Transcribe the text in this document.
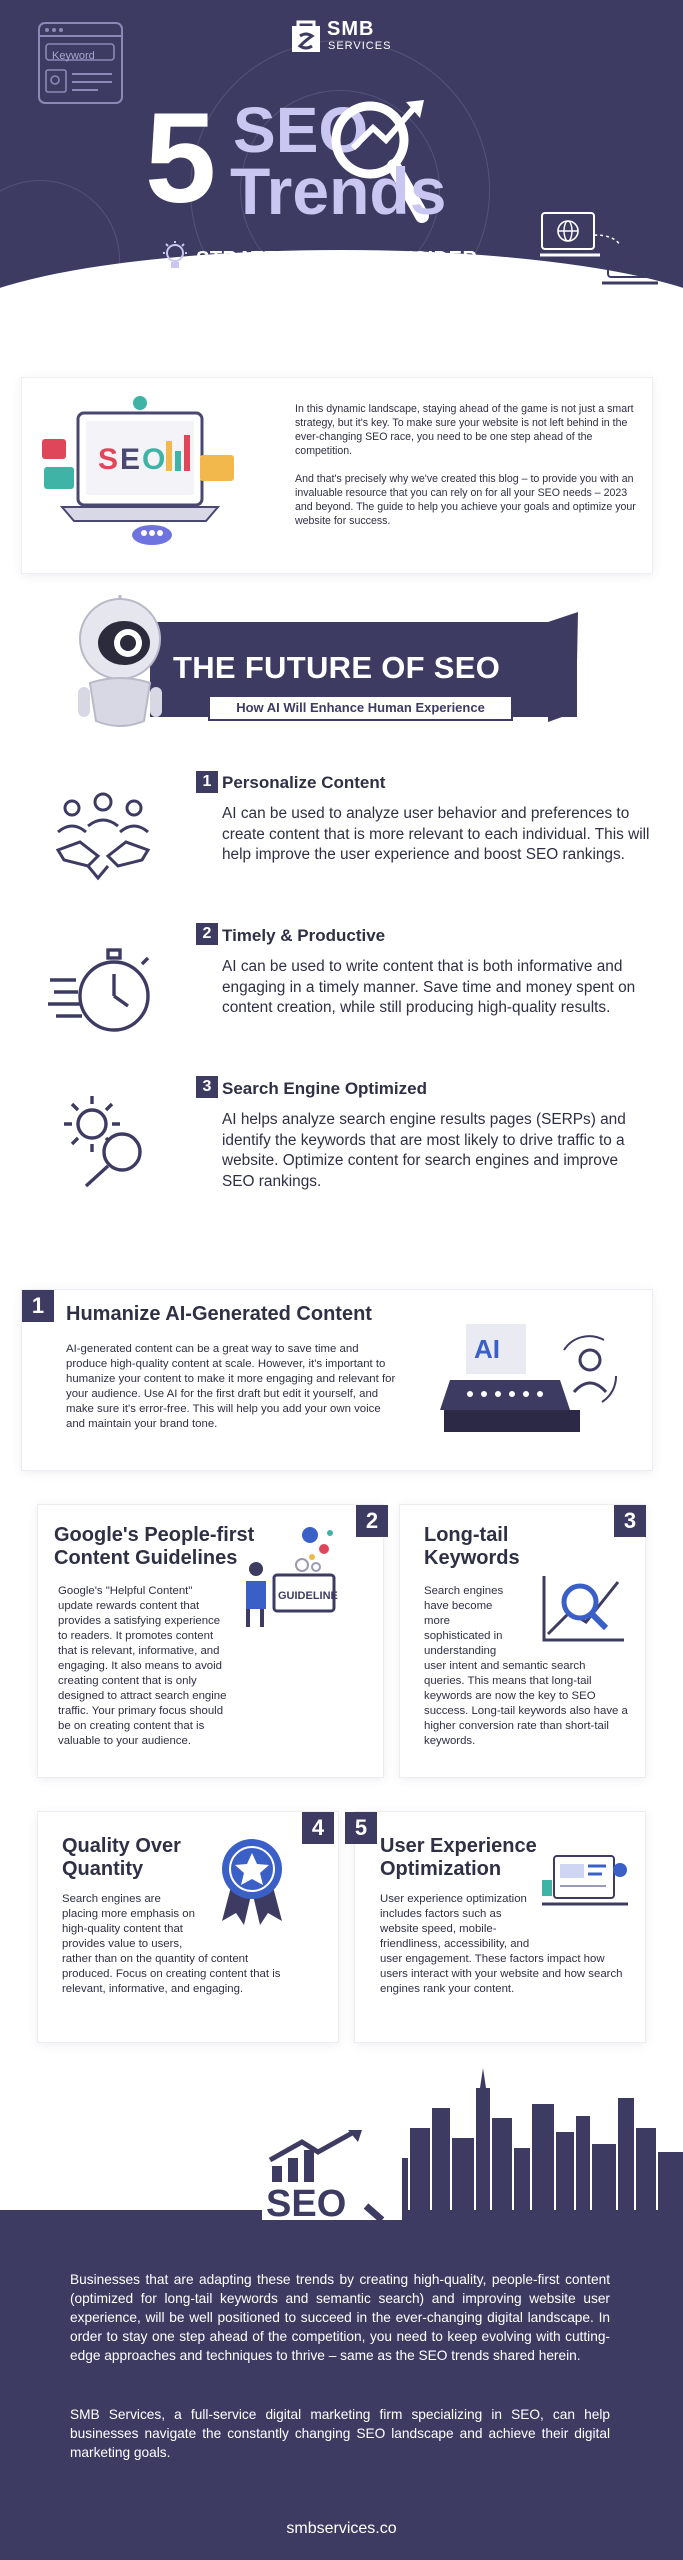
Keyword
SMB
SERVICES
5 SEO
Trends
STRATEGIES TO CONSIDER
S E O

In this dynamic landscape, staying ahead of the game is not just a smart strategy, but it's key. To make sure your website is not left behind in the ever-changing SEO race, you need to be one step ahead of the competition.

And that's precisely why we've created this blog – to provide you with an invaluable resource that you can rely on for all your SEO needs – 2023 and beyond. The guide to help you achieve your goals and optimize your website for success.

THE FUTURE OF SEO
How AI Will Enhance Human Experience
1 Personalize Content
AI can be used to analyze user behavior and preferences to create content that is more relevant to each individual. This will help improve the user experience and boost SEO rankings.
2 Timely & Productive
AI can be used to write content that is both informative and engaging in a timely manner. Save time and money spent on content creation, while still producing high-quality results.
3 Search Engine Optimized
AI helps analyze search engine results pages (SERPs) and identify the keywords that are most likely to drive traffic to a website. Optimize content for search engines and improve SEO rankings.
1	Humanize AI-Generated Content
AI-generated content can be a great way to save time and produce high-quality content at scale. However, it's important to humanize your content to make it more engaging and relevant for your audience. Use AI for the first draft but edit it yourself, and make sure it's error-free. This will help you add your own voice and maintain your brand tone.
AI
2
Google's People-first
Content Guidelines
Google's "Helpful Content" update rewards content that provides a satisfying experience to readers. It promotes content that is relevant, informative, and engaging. It also means to avoid creating content that is only designed to attract search engine traffic. Your primary focus should be on creating content that is valuable to your audience.
GUIDELINE
3
Long-tail
Keywords
Search engines have become more sophisticated in understanding user intent and semantic search queries. This means that long-tail keywords are now the key to SEO success. Long-tail keywords also have a higher conversion rate than short-tail keywords.
4
Quality Over
Quantity
Search engines are placing more emphasis on high-quality content that provides value to users, rather than on the quantity of content produced. Focus on creating content that is relevant, informative, and engaging.
5
User Experience
Optimization
User experience optimization includes factors such as website speed, mobile-friendliness, accessibility, and user engagement. These factors impact how users interact with your website and how search engines rank your content.
SEO
Businesses that are adapting these trends by creating high-quality, people-first content (optimized for long-tail keywords and semantic search) and improving website user experience, will be well positioned to succeed in the ever-changing digital landscape. In order to stay one step ahead of the competition, you need to keep evolving with cutting-edge approaches and techniques to thrive – same as the SEO trends shared herein.
SMB Services, a full-service digital marketing firm specializing in SEO, can help businesses navigate the constantly changing SEO landscape and achieve their digital marketing goals.
smbservices.co
